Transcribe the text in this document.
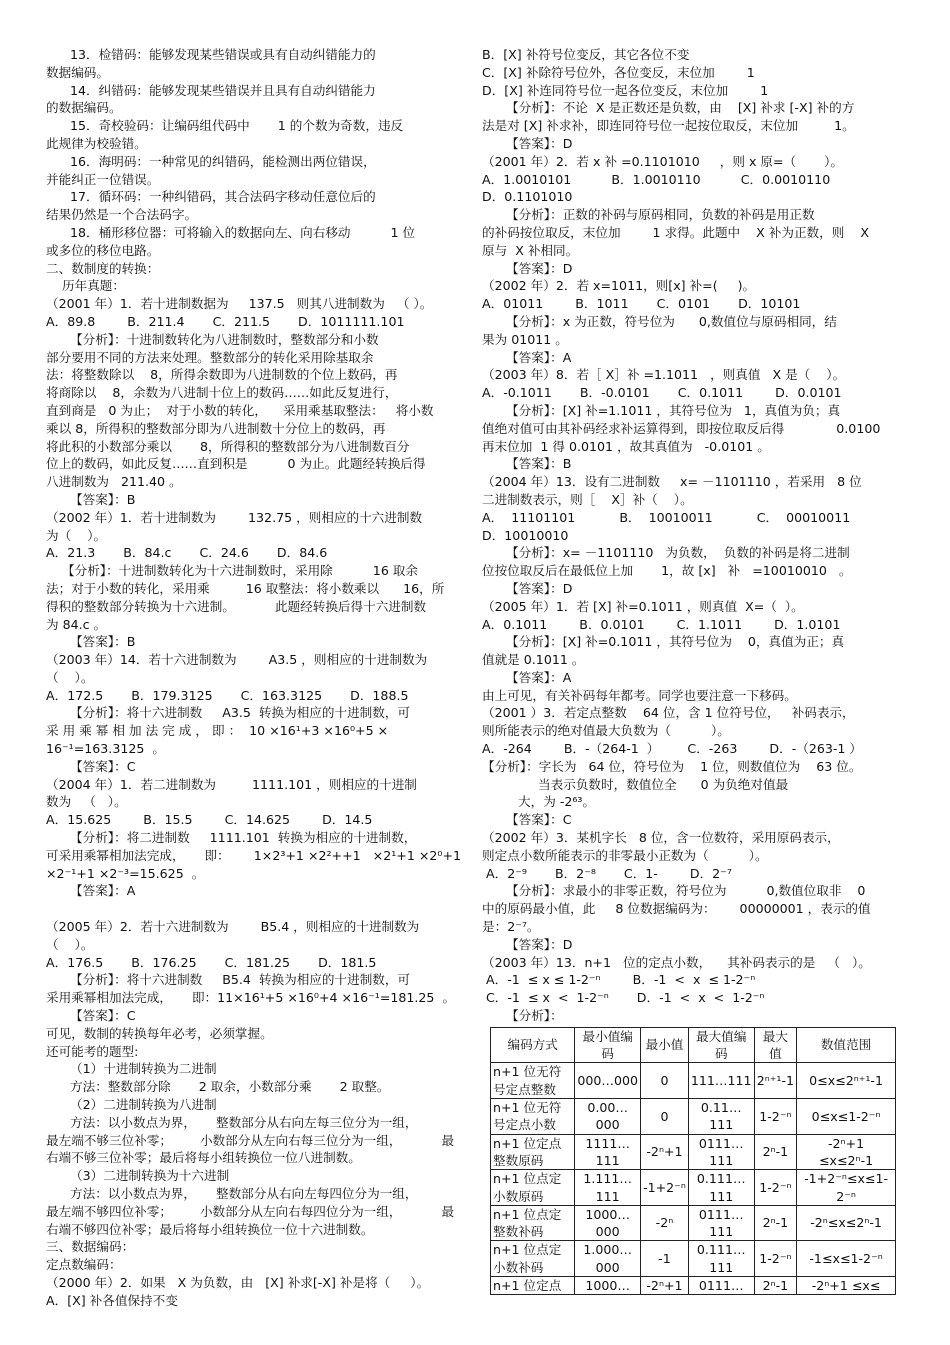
13．检错码：能够发现某些错误或具有自动纠错能力的
数据编码。
14．纠错码：能够发现某些错误并且具有自动纠错能力
的数据编码。
15．奇校验码：让编码组代码中       1 的个数为奇数，违反
此规律为校验错。
16．海明码：一种常见的纠错码，能检测出两位错误，
并能纠正一位错误。
17．循环码：一种纠错码，其合法码字移动任意位后的
结果仍然是一个合法码字。
18．桶形移位器：可将输入的数据向左、向右移动          1 位
或多位的移位电路。
二、数制度的转换：
历年真题：
（2001 年）1．若十进制数据为     137.5   则其八进制数为   （ ）。
A．89.8        B．211.4       C．211.5       D．1011111.101
【分析】：十进制数转化为八进制数时，整数部分和小数
部分要用不同的方法来处理。整数部分的转化采用除基取余
法：将整数除以    8，所得余数即为八进制数的个位上数码，再
将商除以    8，余数为八进制十位上的数码……如此反复进行，
直到商是   0 为止；  对于小数的转化，    采用乘基取整法：   将小数
乘以 8，所得积的整数部分即为八进制数十分位上的数码，再
将此积的小数部分乘以       8，所得积的整数部分为八进制数百分
位上的数码，如此反复……直到积是          0 为止。此题经转换后得
八进制数为   211.40 。
【答案】：B
（2002 年）1．若十进制数为        132.75 ，则相应的十六进制数
为（    ）。
A．21.3       B．84.c       C．24.6       D．84.6
【分析】：十进制数转化为十六进制数时，采用除          16 取余
法；对于小数的转化，采用乘         16 取整法：将小数乘以      16，所
得积的整数部分转换为十六进制。          此题经转换后得十六进制数
为 84.c 。
【答案】：B
（2003 年）14．若十六进制数为        A3.5 ，则相应的十进制数为
（    ）。
A．172.5       B．179.3125       C．163.3125       D．188.5
【分析】：将十六进制数     A3.5  转换为相应的十进制数，可
采 用 乘 幂 相 加 法 完 成 ， 即 ：  10 ×16¹+3 ×16⁰+5 ×
16⁻¹=163.3125  。
【答案】：C
（2004 年）1．若二进制数为         1111.101 ，则相应的十进制
数为   （   ）。
A．15.625        B．15.5        C．14.625        D．14.5
【分析】：将二进制数     1111.101  转换为相应的十进制数，
可采用乘幂相加法完成，     即：      1×2³+1 ×2²++1   ×2¹+1 ×2⁰+1
×2⁻¹+1 ×2⁻³=15.625  。
【答案】：A
（2005 年）2．若十六进制数为        B5.4 ，则相应的十进制数为
（    ）。
A．176.5       B．176.25       C．181.25       D．181.5
【分析】：将十六进制数     B5.4  转换为相应的十进制数，可
采用乘幂相加法完成，     即：11×16¹+5 ×16⁰+4 ×16⁻¹=181.25  。
【答案】：C
可见，数制的转换每年必考，必须掌握。
还可能考的题型:
（1）十进制转换为二进制
方法：整数部分除       2 取余，小数部分乘       2 取整。
（2）二进制转换为八进制
方法：以小数点为界，     整数部分从右向左每三位分为一组，
最左端不够三位补零；       小数部分从左向右每三位分为一组，          最
右端不够三位补零；最后将每小组转换位一位八进制数。
（3）二进制转换为十六进制
方法：以小数点为界，     整数部分从右向左每四位分为一组，
最左端不够四位补零；       小数部分从左向右每四位分为一组，          最
右端不够四位补零；最后将每小组转换位一位十六进制数。
三、数据编码：
定点数编码：
（2000 年）2．如果   X 为负数，由   [X] 补求[-X] 补是将（     ）。
A．[X] 补各值保持不变
B．[X] 补符号位变反，其它各位不变
C．[X] 补除符号位外，各位变反，末位加        1
D．[X] 补连同符号位一起各位变反，末位加        1
【分析】：不论  X 是正数还是负数，由    [X] 补求 [-X] 补的方
法是对 [X] 补求补，即连同符号位一起按位取反，末位加         1。
【答案】：D
（2001 年）2．若 x 补 =0.1101010     ，则 x 原=（       ）。
A．1.0010101          B．1.0010110          C．0.0010110
D．0.1101010
【分析】：正数的补码与原码相同，负数的补码是用正数
的补码按位取反，末位加        1 求得。此题中    X 补为正数，则    X
原与  X 补相同。
【答案】：D
（2002 年）2．若 x=1011，则[x] 补=(     )。
A．01011        B．1011       C．0101       D．10101
【分析】：x 为正数，符号位为      0,数值位与原码相同，结
果为 01011 。
【答案】：A
（2003 年）8．若［ X］补 =1.1011   ，则真值   X 是（    ）。
A．-0.1011       B．-0.0101       C．0.1011        D．0.0101
【分析】：[X] 补=1.1011 ，其符号位为   1，真值为负；真
值绝对值可由其补码经求补运算得到，即按位取反后得             0.0100
再末位加  1 得 0.0101 ，故其真值为   -0.0101 。
【答案】：B
（2004 年）13．设有二进制数     x= －1101110 ，若采用   8 位
二进制数表示，则［    X］补（    ）。
A．  11101101           B．  10010011           C．  00010011
D．10010010
【分析】：x= －1101110   为负数，  负数的补码是将二进制
位按位取反后在最低位上加       1，故 [x]   补   =10010010   。
【答案】：D
（2005 年）1．若 [X] 补=0.1011 ，则真值  X=（  ）。
A．0.1011        B．0.0101        C．1.1011        D．1.0101
【分析】：[X] 补=0.1011 ，其符号位为    0，真值为正；真
值就是 0.1011 。
【答案】：A
由上可见，有关补码每年都考。同学也要注意一下移码。
（2001 ）3．若定点整数    64 位，含 1 位符号位，   补码表示，
则所能表示的绝对值最大负数为（          ）。
A．-264        B．-（264-1  ）       C．-263        D．-（263-1 ）
【分析】：字长为   64 位，符号位为    1 位，则数值位为    63 位。
当表示负数时，数值位全      0 为负绝对值最
大，为 -2⁶³。
【答案】：C
（2002 年）3．某机字长   8 位，含一位数符，采用原码表示，
则定点小数所能表示的非零最小正数为（          ）。
A．2⁻⁹       B．2⁻⁸       C．1-        D．2⁻⁷
【分析】：求最小的非零正数，符号位为          0,数值位取非    0
中的原码最小值，此     8 位数据编码为：      00000001 ，表示的值
是：2⁻⁷。
【答案】：D
（2003 年）13．n+1   位的定点小数，    其补码表示的是   （   ）。
A．-1  ≤ x ≤ 1-2⁻ⁿ        B．-1  <  x  ≤ 1-2⁻ⁿ
C．-1  ≤ x  <  1-2⁻ⁿ       D．-1  <  x  <  1-2⁻ⁿ
【分析】：
编码方式	最小值编码	最小值	最大值编码	最大值	数值范围
n+1 位无符号定点整数	000…000	0	111…111	2ⁿ⁺¹-1	0≤x≤2ⁿ⁺¹-1
n+1 位无符号定点小数	0.00…000	0	0.11…111	1-2⁻ⁿ	0≤x≤1-2⁻ⁿ
n+1 位定点整数原码	1111…111	-2ⁿ+1	0111…111	2ⁿ-1	-2ⁿ+1 ≤x≤2ⁿ-1
n+1 位点定小数原码	1.111…111	-1+2⁻ⁿ	0.111…111	1-2⁻ⁿ	-1+2⁻ⁿ≤x≤1-2⁻ⁿ
n+1 位点定整数补码	1000…000	-2ⁿ	0111…111	2ⁿ-1	-2ⁿ≤x≤2ⁿ-1
n+1 位点定小数补码	1.000…000	-1	0.111…111	1-2⁻ⁿ	-1≤x≤1-2⁻ⁿ
n+1 位定点	1000…	-2ⁿ+1	0111…	2ⁿ-1	-2ⁿ+1 ≤x≤
